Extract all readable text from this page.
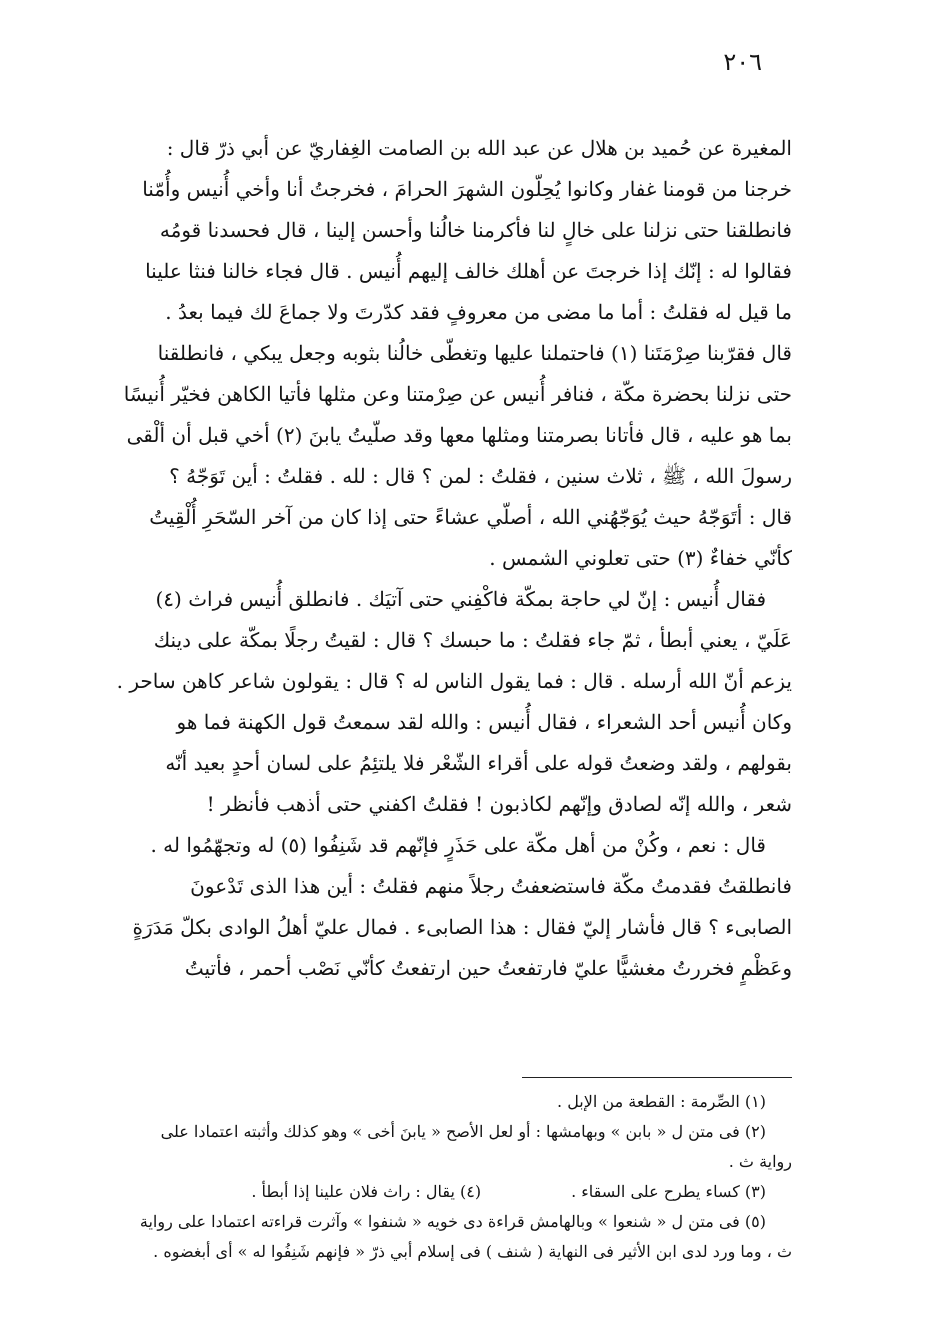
٢٠٦
المغيرة عن حُميد بن هلال عن عبد الله بن الصامت الغِفاريّ عن أبي ذرّ قال :
خرجنا من قومنا غفار وكانوا يُحِلّون الشهرَ الحرامَ ، فخرجتُ أنا وأخي أُنيس وأُمّنا
فانطلقنا حتى نزلنا على خالٍ لنا فأكرمنا خالُنا وأحسن إلينا ، قال فحسدنا قومُه
فقالوا له : إنّك إذا خرجتَ عن أهلك خالف إليهم أُنيس . قال فجاء خالنا فنثا علينا
ما قيل له فقلتُ : أما ما مضى من معروفٍ فقد كدّرتَ ولا جماعَ لك فيما بعدُ .
قال فقرّبنا صِرْمَتَنا (١) فاحتملنا عليها وتغطّى خالُنا بثوبه وجعل يبكي ، فانطلقنا
حتى نزلنا بحضرة مكّة ، فنافر أُنيس عن صِرْمتنا وعن مثلها فأتيا الكاهن فخيّر أُنيسًا
بما هو عليه ، قال فأتانا بصرمتنا ومثلها معها وقد صلّيتُ يابنَ (٢) أخي قبل أن ألْقى
رسولَ الله ، ﷺ ، ثلاث سنين ، فقلتُ : لمن ؟ قال : لله . فقلتُ : أين تَوَجّهُ ؟
قال : أتَوَجّهُ حيث يُوَجّهُني الله ، أصلّي عشاءً حتى إذا كان من آخر السّحَرِ أُلْقِيتُ
كأنّي خفاءٌ (٣) حتى تعلوني الشمس .
فقال أُنيس : إنّ لي حاجة بمكّة فاكْفِني حتى آتيَك . فانطلق أُنيس فراث (٤)
عَلَيّ ، يعني أبطأ ، ثمّ جاء فقلتُ : ما حبسك ؟ قال : لقيتُ رجلًا بمكّة على دينك
يزعم أنّ الله أرسله . قال : فما يقول الناس له ؟ قال : يقولون شاعر كاهن ساحر .
وكان أُنيس أحد الشعراء ، فقال أُنيس : والله لقد سمعتُ قول الكهنة فما هو
بقولهم ، ولقد وضعتُ قوله على أقراء الشّعْر فلا يلتئِمُ على لسان أحدٍ بعيد أنّه
شعر ، والله إنّه لصادق وإنّهم لكاذبون ! فقلتُ اكفني حتى أذهب فأنظر !
قال : نعم ، وكُنْ من أهل مكّة على حَذَرٍ فإنّهم قد شَنِفُوا (٥) له وتجهّمُوا له .
فانطلقتُ فقدمتُ مكّة فاستضعفتُ رجلاً منهم فقلتُ : أين هذا الذى تَدْعونَ
الصابىء ؟ قال فأشار إليّ فقال : هذا الصابىء . فمال عليّ أهلُ الوادى بكلّ مَدَرَةٍ
وعَظْمٍ فخررتُ مغشيًّا عليّ فارتفعتُ حين ارتفعتُ كأنّي نَصْب أحمر ، فأتيتُ
(١) الصِّرمة : القطعة من الإبل .
(٢) فى متن ل « بابن » وبهامشها : أو لعل الأصح « يابنَ أخى » وهو كذلك وأثبته اعتمادا على
رواية ث .
(٣) كساء يطرح على السقاء .
(٤) يقال : راث فلان علينا إذا أبطأ .
(٥) فى متن ل « شنعوا » وبالهامش قراءة دى خويه « شنفوا » وآثرت قراءته اعتمادا على رواية
ث ، وما ورد لدى ابن الأثير فى النهاية ( شنف ) فى إسلام أبي ذرّ « فإنهم شَنِفُوا له » أى أبغضوه .
